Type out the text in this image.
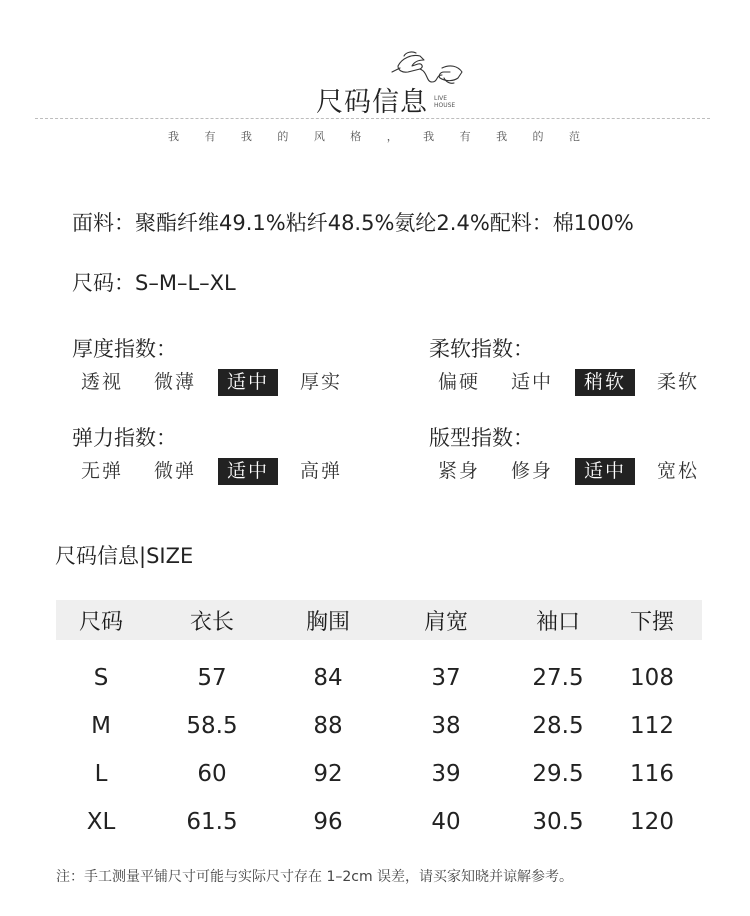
尺码信息 LIVE
HOUSE
我 有 我 的 风 格 ， 我 有 我 的 范
面料：聚酯纤维49.1%粘纤48.5%氨纶2.4%配料：棉100%
尺码：S–M–L–XL
厚度指数：
透视	微薄	适中	厚实
柔软指数：
偏硬	适中	稍软	柔软
弹力指数：
无弹	微弹	适中	高弹
版型指数：
紧身	修身	适中	宽松
尺码信息|SIZE
尺码	衣长	胸围	肩宽	袖口	下摆
S	57	84	37	27.5	108
M	58.5	88	38	28.5	112
L	60	92	39	29.5	116
XL	61.5	96	40	30.5	120
注：手工测量平铺尺寸可能与实际尺寸存在 1–2cm 误差，请买家知晓并谅解参考。
